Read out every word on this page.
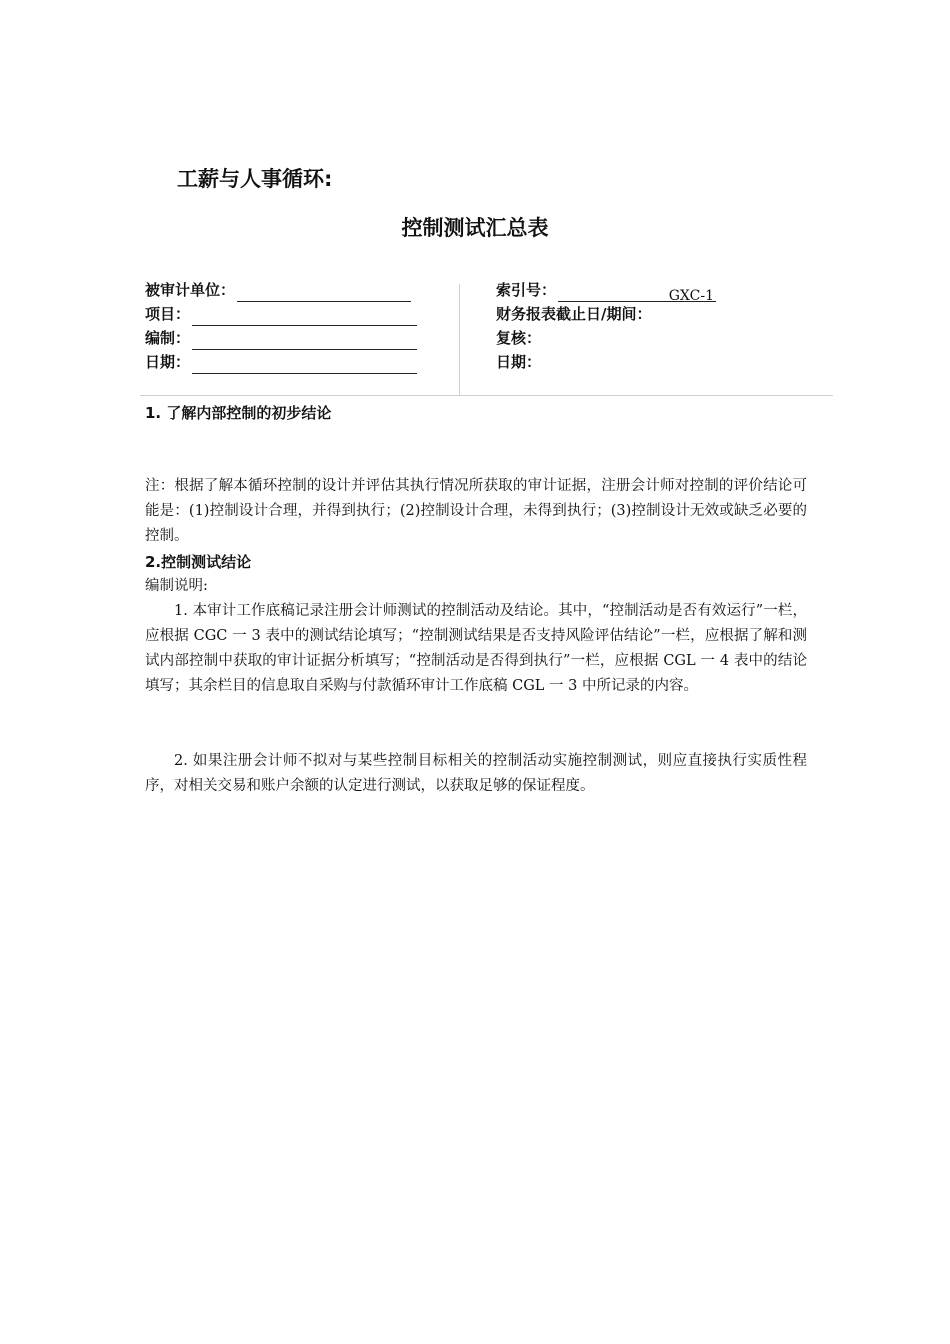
工薪与人事循环:
控制测试汇总表
被审计单位：
项目：
编制：
日期：
索引号：	GXC-1
财务报表截止日/期间：
复核：
日期：
1. 了解内部控制的初步结论

注：根据了解本循环控制的设计并评估其执行情况所获取的审计证据，注册会计师对控制的评价结论可能是：(1)控制设计合理，并得到执行；(2)控制设计合理，未得到执行；(3)控制设计无效或缺乏必要的控制。

2.控制测试结论

编制说明:

1. 本审计工作底稿记录注册会计师测试的控制活动及结论。其中，“控制活动是否有效运行”一栏，应根据 CGC 一 3 表中的测试结论填写；“控制测试结果是否支持风险评估结论”一栏，应根据了解和测试内部控制中获取的审计证据分析填写；“控制活动是否得到执行”一栏，应根据 CGL 一 4 表中的结论填写；其余栏目的信息取自采购与付款循环审计工作底稿 CGL 一 3 中所记录的内容。

2. 如果注册会计师不拟对与某些控制目标相关的控制活动实施控制测试，则应直接执行实质性程序，对相关交易和账户余额的认定进行测试，以获取足够的保证程度。
